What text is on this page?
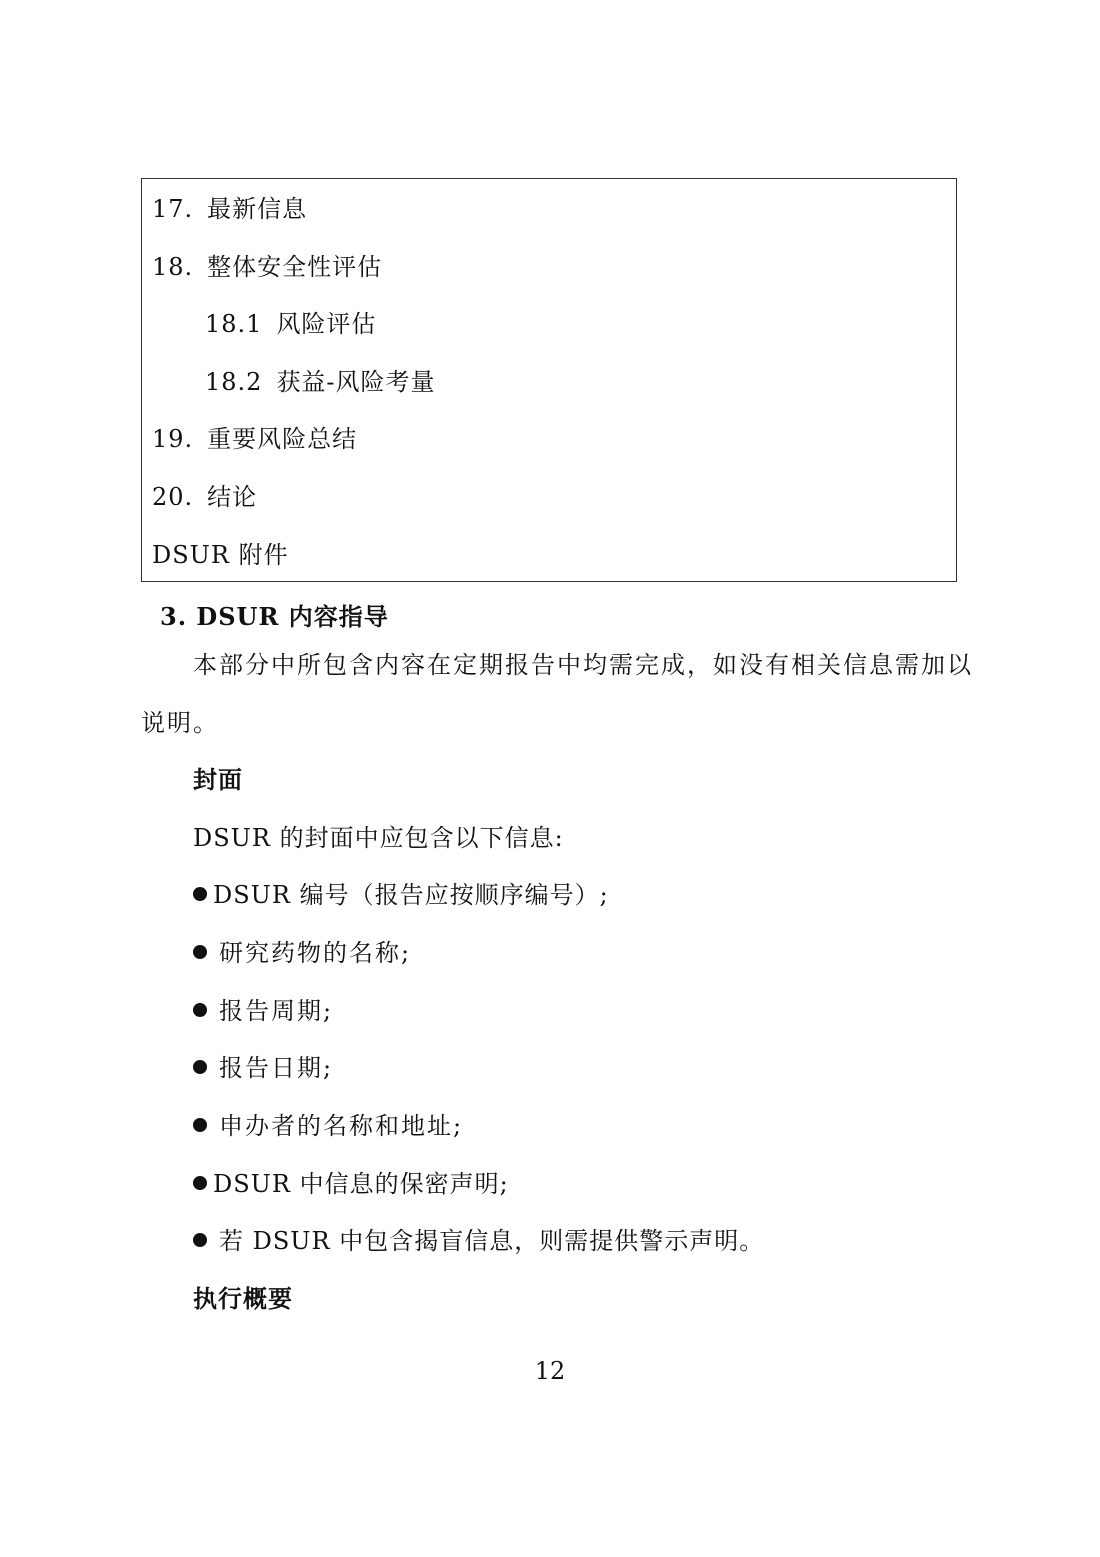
17. 最新信息
18. 整体安全性评估
18.1 风险评估
18.2 获益-风险考量
19. 重要风险总结
20. 结论
DSUR 附件
3. DSUR 内容指导
本部分中所包含内容在定期报告中均需完成，如没有相关信息需加以
说明。
封面
DSUR 的封面中应包含以下信息:
DSUR 编号（报告应按顺序编号）;
研究药物的名称;
报告周期;
报告日期;
申办者的名称和地址;
DSUR 中信息的保密声明;
若 DSUR 中包含揭盲信息，则需提供警示声明。
执行概要
12
